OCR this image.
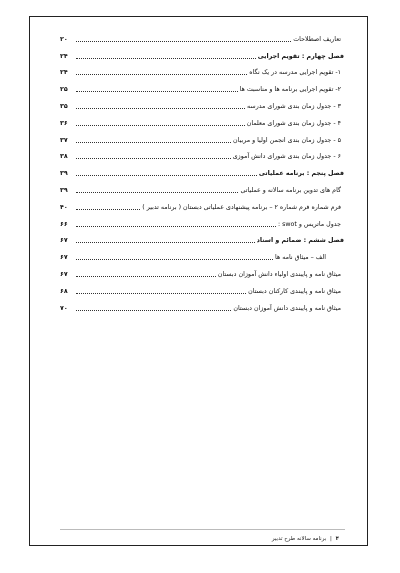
تعاریف اصطلاحات
۲۰
فصل چهارم : تقویم اجرایی
۲۴
۱- تقویم اجرایی مدرسه در یک نگاه
۲۴
۲- تقویم اجرایی برنامه ها و مناسبت ها
۲۵
۳ - جدول زمان بندی شورای مدرسه
۳۵
۴ - جدول زمان بندی شورای معلمان
۳۶
۵ - جدول زمان بندی انجمن اولیا و مربیان
۳۷
۶ - جدول زمان بندی شورای دانش آموزی
۳۸
فصل پنجم : برنامه عملیاتی
۳۹
گام های تدوین برنامه سالانه و عملیاتی
۳۹
فرم شماره فرم شماره ۲ – برنامه پیشنهادی عملیاتی دبستان ( برنامه تدبیر )
۴۰
جدول ماتریس و swot :
۶۶
فصل ششم : ضمائم و اسناد
۶۷
الف – میثاق نامه ها
۶۷
میثاق نامه و پایبندی اولیاء دانش آموزان دبستان
۶۷
میثاق نامه و پایبندی کارکنان دبستان
۶۸
میثاق نامه و پایبندی دانش آموزان دبستان
۷۰
۴ | برنامه سالانه طرح تدبیر
